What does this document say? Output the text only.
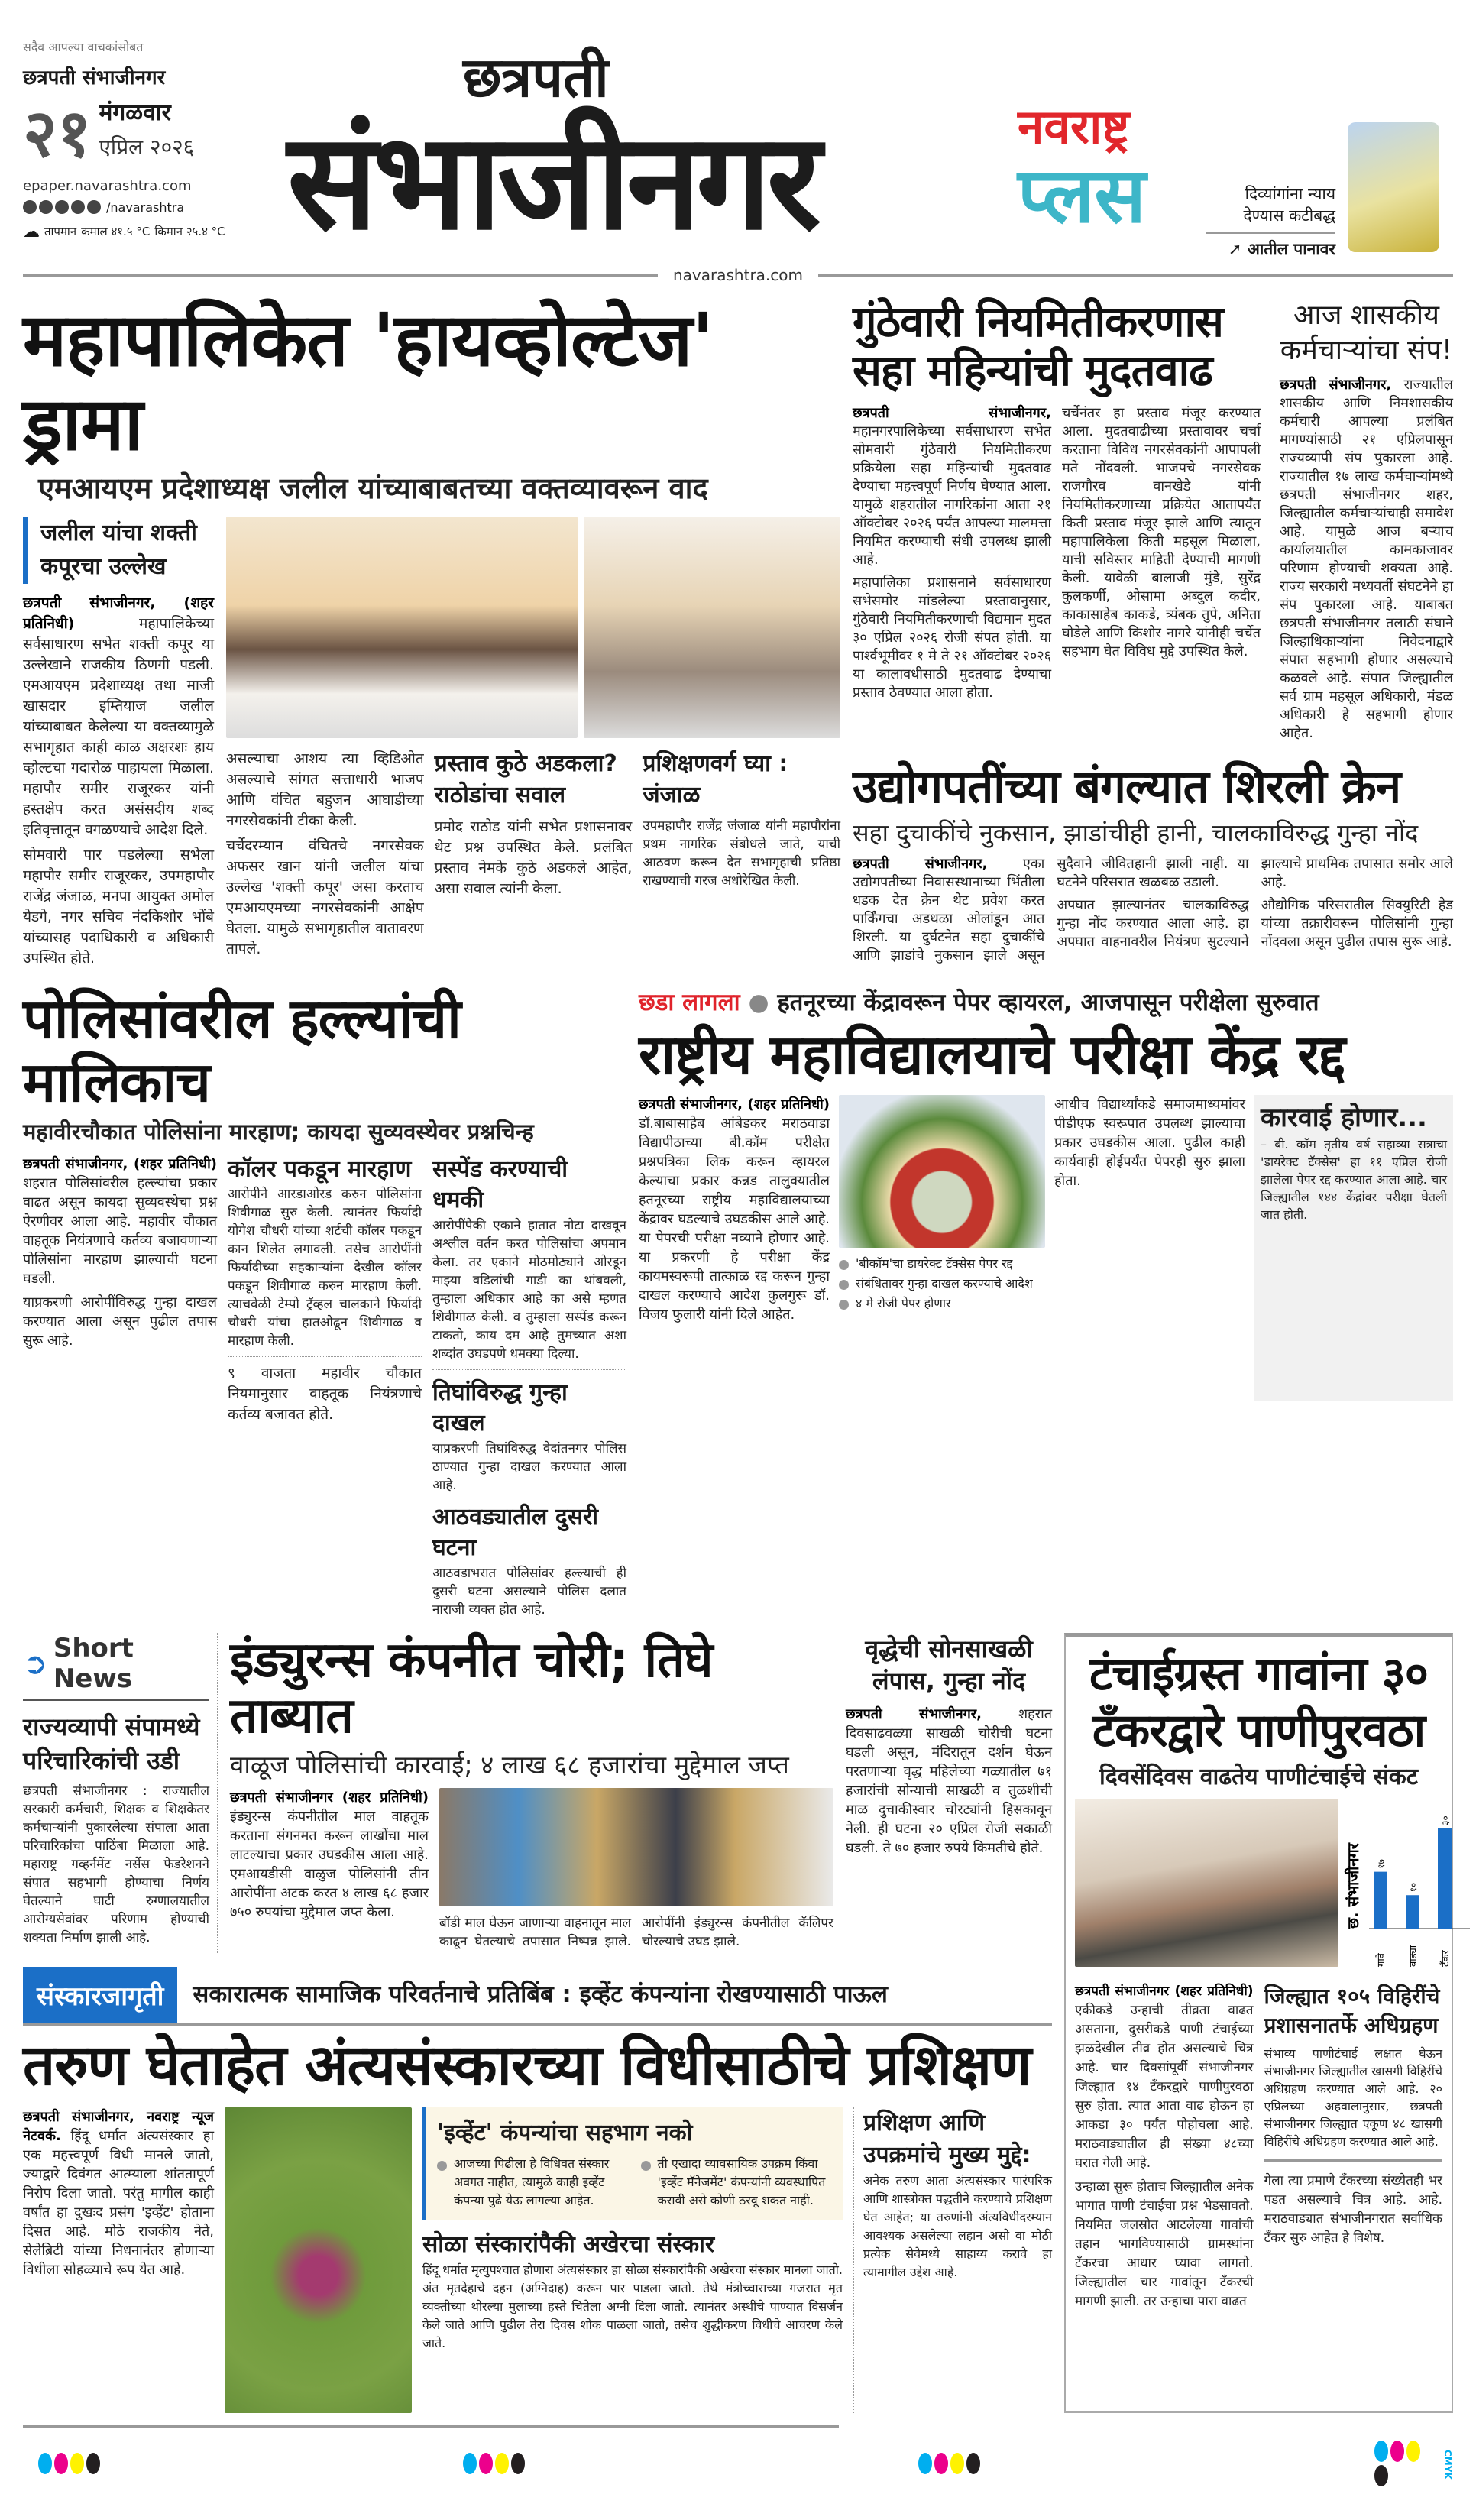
सदैव आपल्या वाचकांसोबत
छत्रपती संभाजीनगर
२१ मंगळवार
एप्रिल २०२६
epaper.navarashtra.com
/navarashtra
☁ तापमान कमाल ४१.५ °C किमान २५.४ °C
छत्रपती
संभाजीनगर	नवराष्ट्र
प्लस	दिव्यांगांना न्याय देण्यास कटीबद्ध
➚ आतील पानावर
navarashtra.com
महापालिकेत 'हायव्होल्टेज' ड्रामा
एमआयएम प्रदेशाध्यक्ष जलील यांच्याबाबतच्या वक्तव्यावरून वाद
जलील यांचा शक्ती कपूरचा उल्लेख

छत्रपती संभाजीनगर, (शहर प्रतिनिधी)	महापालिकेच्या सर्वसाधारण सभेत शक्ती कपूर या उल्लेखाने राजकीय ठिणगी पडली. एमआयएम प्रदेशाध्यक्ष तथा माजी खासदार इम्तियाज जलील यांच्याबाबत केलेल्या या वक्तव्यामुळे सभागृहात काही काळ अक्षरशः हाय व्होल्टचा गदारोळ पाहायला मिळाला. महापौर समीर राजूरकर यांनी हस्तक्षेप करत असंसदीय शब्द इतिवृत्तातून वगळण्याचे आदेश दिले.

सोमवारी पार पडलेल्या सभेला महापौर समीर राजूरकर, उपमहापौर राजेंद्र जंजाळ, मनपा आयुक्त अमोल येडगे, नगर सचिव नंदकिशोर भोंबे यांच्यासह पदाधिकारी व अधिकारी उपस्थित होते.

असल्याचा आशय त्या व्हिडिओत असल्याचे सांगत सत्ताधारी भाजप आणि वंचित बहुजन आघाडीच्या नगरसेवकांनी टीका केली.

चर्चेदरम्यान वंचितचे नगरसेवक अफसर खान यांनी जलील यांचा उल्लेख 'शक्ती कपूर' असा करताच एमआयएमच्या नगरसेवकांनी आक्षेप घेतला. यामुळे सभागृहातील वातावरण तापले.

प्रस्ताव कुठे अडकला? राठोडांचा सवाल

प्रमोद राठोड यांनी सभेत प्रशासनावर थेट प्रश्न उपस्थित केले. प्रलंबित प्रस्ताव नेमके कुठे अडकले आहेत, असा सवाल त्यांनी केला.

प्रशिक्षणवर्ग घ्या : जंजाळ

उपमहापौर राजेंद्र जंजाळ यांनी महापौरांना प्रथम नागरिक संबोधले जाते, याची आठवण करून देत सभागृहाची प्रतिष्ठा राखण्याची गरज अधोरेखित केली.

गुंठेवारी नियमितीकरणास सहा महिन्यांची मुदतवाढ

छत्रपती संभाजीनगर, महानगरपालिकेच्या सर्वसाधारण सभेत सोमवारी गुंठेवारी नियमितीकरण प्रक्रियेला सहा महिन्यांची मुदतवाढ देण्याचा महत्त्वपूर्ण निर्णय घेण्यात आला. यामुळे शहरातील नागरिकांना आता २१ ऑक्टोबर २०२६ पर्यंत आपल्या मालमत्ता नियमित करण्याची संधी उपलब्ध झाली आहे.

महापालिका प्रशासनाने सर्वसाधारण सभेसमोर मांडलेल्या प्रस्तावानुसार, गुंठेवारी नियमितीकरणाची विद्यमान मुदत ३० एप्रिल २०२६ रोजी संपत होती. या पार्श्वभूमीवर १ मे ते २१ ऑक्टोबर २०२६ या कालावधीसाठी मुदतवाढ देण्याचा प्रस्ताव ठेवण्यात आला होता.

चर्चेनंतर हा प्रस्ताव मंजूर करण्यात आला. मुदतवाढीच्या प्रस्तावावर चर्चा करताना विविध नगरसेवकांनी आपापली मते नोंदवली. भाजपचे नगरसेवक राजगौरव वानखेडे यांनी नियमितीकरणाच्या प्रक्रियेत आतापर्यंत किती प्रस्ताव मंजूर झाले आणि त्यातून महापालिकेला किती महसूल मिळाला, याची सविस्तर माहिती देण्याची मागणी केली. यावेळी बालाजी मुंडे, सुरेंद्र कुलकर्णी, ओसामा अब्दुल कदीर, काकासाहेब काकडे, त्र्यंबक तुपे, अनिता घोडेले आणि किशोर नागरे यांनीही चर्चेत सहभाग घेत विविध मुद्दे उपस्थित केले.

आज शासकीय कर्मचाऱ्यांचा संप!

छत्रपती संभाजीनगर, राज्यातील शासकीय आणि निमशासकीय कर्मचारी आपल्या प्रलंबित मागण्यांसाठी २१ एप्रिलपासून राज्यव्यापी संप पुकारला आहे. राज्यातील १७ लाख कर्मचाऱ्यांमध्ये छत्रपती संभाजीनगर शहर, जिल्ह्यातील कर्मचाऱ्यांचाही समावेश आहे. यामुळे आज बऱ्याच कार्यालयातील कामकाजावर परिणाम होण्याची शक्यता आहे. राज्य सरकारी मध्यवर्ती संघटनेने हा संप पुकारला आहे. याबाबत छत्रपती संभाजीनगर तलाठी संघाने जिल्हाधिकाऱ्यांना निवेदनाद्वारे संपात सहभागी होणार असल्याचे कळवले आहे. संपात जिल्ह्यातील सर्व ग्राम महसूल अधिकारी, मंडळ अधिकारी हे सहभागी होणार आहेत.

उद्योगपतींच्या बंगल्यात शिरली क्रेन
सहा दुचाकींचे नुकसान, झाडांचीही हानी, चालकाविरुद्ध गुन्हा नोंद

छत्रपती संभाजीनगर,	एका उद्योगपतीच्या निवासस्थानाच्या भिंतीला धडक देत क्रेन थेट प्रवेश करत पार्किंगचा अडथळा ओलांडून आत शिरली. या दुर्घटनेत सहा दुचाकींचे आणि झाडांचे नुकसान झाले असून सुदैवाने जीवितहानी झाली नाही. या घटनेने परिसरात खळबळ उडाली.

अपघात झाल्यानंतर चालकाविरुद्ध गुन्हा नोंद करण्यात आला आहे. हा अपघात वाहनावरील नियंत्रण सुटल्याने झाल्याचे प्राथमिक तपासात समोर आले आहे.

औद्योगिक परिसरातील सिक्युरिटी हेड यांच्या तक्रारीवरून पोलिसांनी गुन्हा नोंदवला असून पुढील तपास सुरू आहे.

पोलिसांवरील हल्ल्यांची मालिकाच
महावीरचौकात पोलिसांना मारहाण; कायदा सुव्यवस्थेवर प्रश्नचिन्ह

छत्रपती संभाजीनगर, (शहर प्रतिनिधी) शहरात पोलिसांवरील हल्ल्यांचा प्रकार वाढत असून कायदा सुव्यवस्थेचा प्रश्न ऐरणीवर आला आहे. महावीर चौकात वाहतूक नियंत्रणाचे कर्तव्य बजावणाऱ्या पोलिसांना मारहाण झाल्याची घटना घडली.

याप्रकरणी आरोपींविरुद्ध गुन्हा दाखल करण्यात आला असून पुढील तपास सुरू आहे.

कॉलर पकडून मारहाण

आरोपीने आरडाओरड करुन पोलिसांना शिवीगाळ सुरु केली. त्यानंतर फिर्यादी योगेश चौधरी यांच्या शर्टची कॉलर पकडून कान शिलेत लगावली. तसेच आरोपींनी फिर्यादीच्या सहकाऱ्यांना देखील कॉलर पकडून शिवीगाळ करुन मारहाण केली. त्याचवेळी टेम्पो ट्रॅव्हल चालकाने फिर्यादी चौधरी यांचा हातओढून शिवीगाळ व मारहाण केली.

९ वाजता महावीर चौकात नियमानुसार वाहतूक नियंत्रणाचे कर्तव्य बजावत होते.

सस्पेंड करण्याची धमकी

आरोपींपैकी एकाने हातात नोटा दाखवून अश्लील वर्तन करत पोलिसांचा अपमान केला. तर एकाने मोठमोठ्याने ओरडून माझ्या वडिलांची गाडी का थांबवली, तुम्हाला अधिकार आहे का असे म्हणत शिवीगाळ केली. व तुम्हाला सस्पेंड करून टाकतो, काय दम आहे तुमच्यात अशा शब्दांत उघडपणे धमक्या दिल्या.

तिघांविरुद्ध गुन्हा दाखल

याप्रकरणी तिघांविरुद्ध वेदांतनगर पोलिस ठाण्यात गुन्हा दाखल करण्यात आला आहे.

आठवड्यातील दुसरी घटना

आठवडाभरात पोलिसांवर हल्ल्याची ही दुसरी घटना असल्याने पोलिस दलात नाराजी व्यक्त होत आहे.

छडा लागला ● हतनूरच्या केंद्रावरून पेपर व्हायरल, आजपासून परीक्षेला सुरुवात
राष्ट्रीय महाविद्यालयाचे परीक्षा केंद्र रद्द

छत्रपती संभाजीनगर, (शहर प्रतिनिधी) डॉ.बाबासाहेब आंबेडकर मराठवाडा विद्यापीठाच्या बी.कॉम परीक्षेत प्रश्नपत्रिका लिक करून व्हायरल केल्याचा प्रकार कन्नड तालुक्यातील हतनूरच्या राष्ट्रीय महाविद्यालयाच्या केंद्रावर घडल्याचे उघडकीस आले आहे. या पेपरची परीक्षा नव्याने होणार आहे. या प्रकरणी हे परीक्षा केंद्र कायमस्वरूपी तात्काळ रद्द करून गुन्हा दाखल करण्याचे आदेश कुलगुरू डॉ. विजय फुलारी यांनी दिले आहेत.

'बीकॉम'चा डायरेक्ट टॅक्सेस पेपर रद्द
संबंधितावर गुन्हा दाखल करण्याचे आदेश
४ मे रोजी पेपर होणार

आधीच विद्यार्थ्यांकडे समाजमाध्यमांवर पीडीएफ स्वरूपात उपलब्ध झाल्याचा प्रकार उघडकीस आला. पुढील काही कार्यवाही होईपर्यंत पेपरही सुरु झाला होता.

कारवाई होणार...

– बी. कॉम तृतीय वर्ष सहाव्या सत्राचा 'डायरेक्ट टॅक्सेस' हा ११ एप्रिल रोजी झालेला पेपर रद्द करण्यात आला आहे. चार जिल्ह्यातील १४४ केंद्रांवर परीक्षा घेतली जात होती.

➲ Short News
राज्यव्यापी संपामध्ये परिचारिकांची उडी

छत्रपती संभाजीनगर : राज्यातील सरकारी कर्मचारी, शिक्षक व शिक्षकेतर कर्मचाऱ्यांनी पुकारलेल्या संपाला आता परिचारिकांचा पाठिंबा मिळाला आहे. महाराष्ट्र गव्हर्नमेंट नर्सेस फेडरेशनने संपात सहभागी होण्याचा निर्णय घेतल्याने घाटी रुग्णालयातील आरोग्यसेवांवर परिणाम होण्याची शक्यता निर्माण झाली आहे.

इंड्युरन्स कंपनीत चोरी; तिघे ताब्यात
वाळूज पोलिसांची कारवाई; ४ लाख ६८ हजारांचा मुद्देमाल जप्त

छत्रपती संभाजीनगर (शहर प्रतिनिधी) इंड्युरन्स कंपनीतील माल वाहतूक करताना संगनमत करून लाखोंचा माल लाटल्याचा प्रकार उघडकीस आला आहे. एमआयडीसी वाळुज पोलिसांनी तीन आरोपींना अटक करत ४ लाख ६८ हजार ७५० रुपयांचा मुद्देमाल जप्त केला.

बॉडी माल घेऊन जाणाऱ्या वाहनातून माल काढून घेतल्याचे तपासात निष्पन्न झाले. आरोपींनी इंड्युरन्स कंपनीतील कॅलिपर चोरल्याचे उघड झाले.

वृद्धेची सोनसाखळी लंपास, गुन्हा नोंद

छत्रपती संभाजीनगर,	शहरात दिवसाढवळ्या साखळी चोरीची घटना घडली असून, मंदिरातून दर्शन घेऊन परतणाऱ्या वृद्ध महिलेच्या गळ्यातील ७१ हजारांची सोन्याची साखळी व तुळशीची माळ दुचाकीस्वार चोरट्यांनी हिसकावून नेली. ही घटना २० एप्रिल रोजी सकाळी घडली. ते ७० हजार रुपये किमतीचे होते.

टंचाईग्रस्त गावांना ३० टँकरद्वारे पाणीपुरवठा
दिवसेंदिवस वाढतेय पाणीटंचाईचे संकट
छ. संभाजीनगर १७
गावे
१०
वाड्या
३०
टँकर

छत्रपती संभाजीनगर (शहर प्रतिनिधी) एकीकडे उन्हाची तीव्रता वाढत असताना, दुसरीकडे पाणी टंचाईच्या झळदेखील तीव्र होत असल्याचे चित्र आहे. चार दिवसांपूर्वी संभाजीनगर जिल्ह्यात १४ टँकरद्वारे पाणीपुरवठा सुरु होता. त्यात आता वाढ होऊन हा आकडा ३० पर्यंत पोहोचला आहे. मराठवाड्यातील ही संख्या ४८च्या घरात गेली आहे.

उन्हाळा सुरू होताच जिल्ह्यातील अनेक भागात पाणी टंचाईचा प्रश्न भेडसावतो. नियमित जलस्रोत आटलेल्या गावांची तहान भागविण्यासाठी ग्रामस्थांना टँकरचा आधार घ्यावा लागतो. जिल्ह्यातील चार गावांतून टँकरची मागणी झाली. तर उन्हाचा पारा वाढत

जिल्ह्यात १०५ विहिरींचे प्रशासनातर्फे अधिग्रहण

संभाव्य पाणीटंचाई लक्षात घेऊन संभाजीनगर जिल्ह्यातील खासगी विहिरींचे अधिग्रहण करण्यात आले आहे. २० एप्रिलच्या अहवालानुसार, छत्रपती संभाजीनगर जिल्ह्यात एकूण ४८ खासगी विहिरींचे अधिग्रहण करण्यात आले आहे.

गेला त्या प्रमाणे टँकरच्या संख्येतही भर पडत असल्याचे चित्र आहे. आहे. मराठवाड्यात संभाजीनगरात सर्वाधिक टँकर सुरु आहेत हे विशेष.

संस्कारजागृती	सकारात्मक सामाजिक परिवर्तनाचे प्रतिबिंब : इव्हेंट कंपन्यांना रोखण्यासाठी पाऊल
तरुण घेताहेत अंत्यसंस्कारच्या विधीसाठीचे प्रशिक्षण

छत्रपती संभाजीनगर, नवराष्ट्र न्यूज नेटवर्क. हिंदू धर्मात अंत्यसंस्कार हा एक महत्त्वपूर्ण विधी मानले जातो, ज्याद्वारे दिवंगत आत्म्याला शांततापूर्ण निरोप दिला जातो. परंतु मागील काही वर्षांत हा दुखःद प्रसंग 'इव्हेंट' होताना दिसत आहे. मोठे राजकीय नेते, सेलेब्रिटी यांच्या निधनानंतर होणाऱ्या विधीला सोहळ्याचे रूप येत आहे.

'इव्हेंट' कंपन्यांचा सहभाग नको
आजच्या पिढीला हे विधिवत संस्कार अवगत नाहीत, त्यामुळे काही इव्हेंट कंपन्या पुढे येऊ लागल्या आहेत.
ती एखादा व्यावसायिक उपक्रम किंवा 'इव्हेंट मॅनेजमेंट' कंपन्यांनी व्यवस्थापित करावी असे कोणी ठरवू शकत नाही.
सोळा संस्कारांपैकी अखेरचा संस्कार

हिंदू धर्मात मृत्युपश्चात होणारा अंत्यसंस्कार हा सोळा संस्कारांपैकी अखेरचा संस्कार मानला जातो. अंत मृतदेहाचे दहन (अग्निदाह) करून पार पाडला जातो. तेथे मंत्रोच्चाराच्या गजरात मृत व्यक्तीच्या थोरल्या मुलाच्या हस्ते चितेला अग्नी दिला जातो. त्यानंतर अस्थींचे पाण्यात विसर्जन केले जाते आणि पुढील तेरा दिवस शोक पाळला जातो, तसेच शुद्धीकरण विधीचे आचरण केले जाते.

प्रशिक्षण आणि उपक्रमांचे मुख्य मुद्दे:

अनेक तरुण आता अंत्यसंस्कार पारंपरिक आणि शास्त्रोक्त पद्धतीने करण्याचे प्रशिक्षण घेत आहेत; या तरुणांनी अंत्यविधीदरम्यान आवश्यक असलेल्या लहान असो वा मोठी प्रत्येक सेवेमध्ये साहाय्य करावे हा त्यामागील उद्देश आहे.

CMYK
